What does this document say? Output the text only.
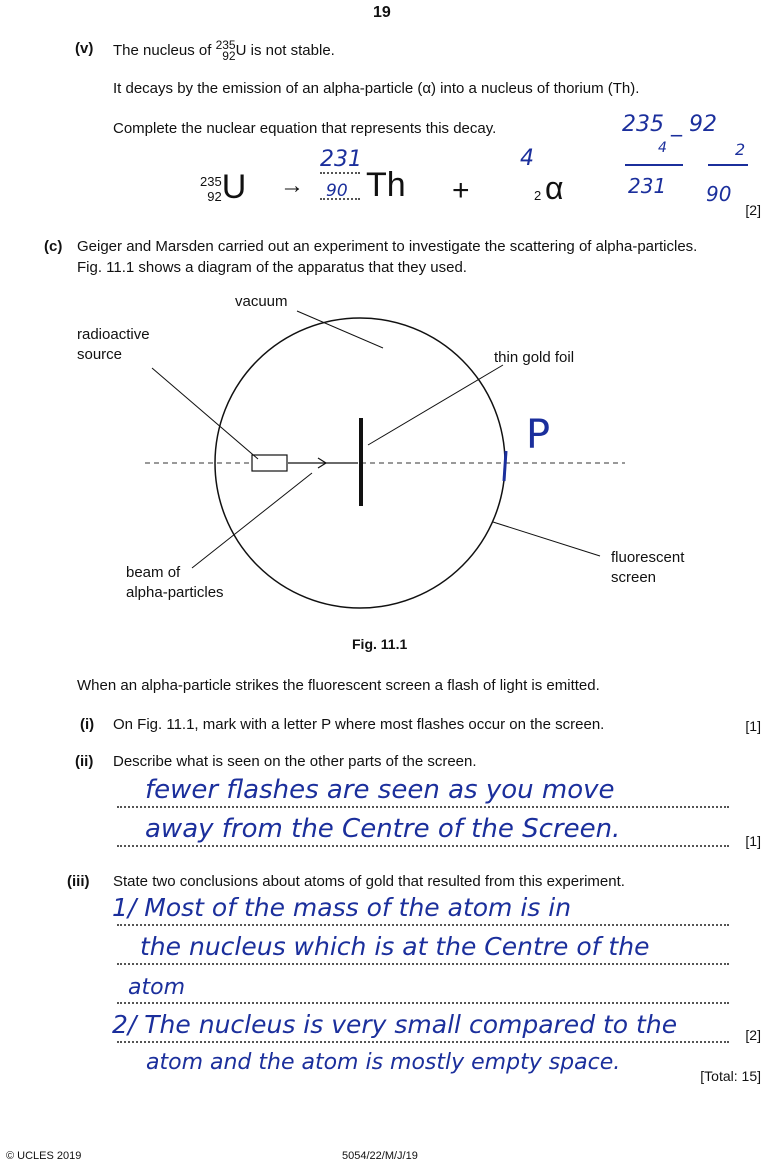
19
(v) The nucleus of 235
92 U is not stable.
It decays by the emission of an alpha-particle (α) into a nucleus of thorium (Th).
Complete the nuclear equation that represents this decay.
235
92 U → Th
231
90	+
4
2 α
235 _ 92
4	2
231 90
[2]
(c) Geiger and Marsden carried out an experiment to investigate the scattering of alpha-particles.
Fig. 11.1 shows a diagram of the apparatus that they used.
vacuum
radioactive
source	thin gold foil
beam of
alpha-particles
fluorescent
screen
P
Fig. 11.1
When an alpha-particle strikes the fluorescent screen a flash of light is emitted.
(i) On Fig. 11.1, mark with a letter P where most flashes occur on the screen.	[1]
(ii) Describe what is seen on the other parts of the screen.
fewer flashes are seen as you move
away from the Centre of the Screen.	[1]
(iii) State two conclusions about atoms of gold that resulted from this experiment.
1/ Most of the mass of the atom is in
the nucleus which is at the Centre of the
atom
2/ The nucleus is very small compared to the
atom and the atom is mostly empty space.
[2]
[Total: 15]
© UCLES 2019	5054/22/M/J/19
